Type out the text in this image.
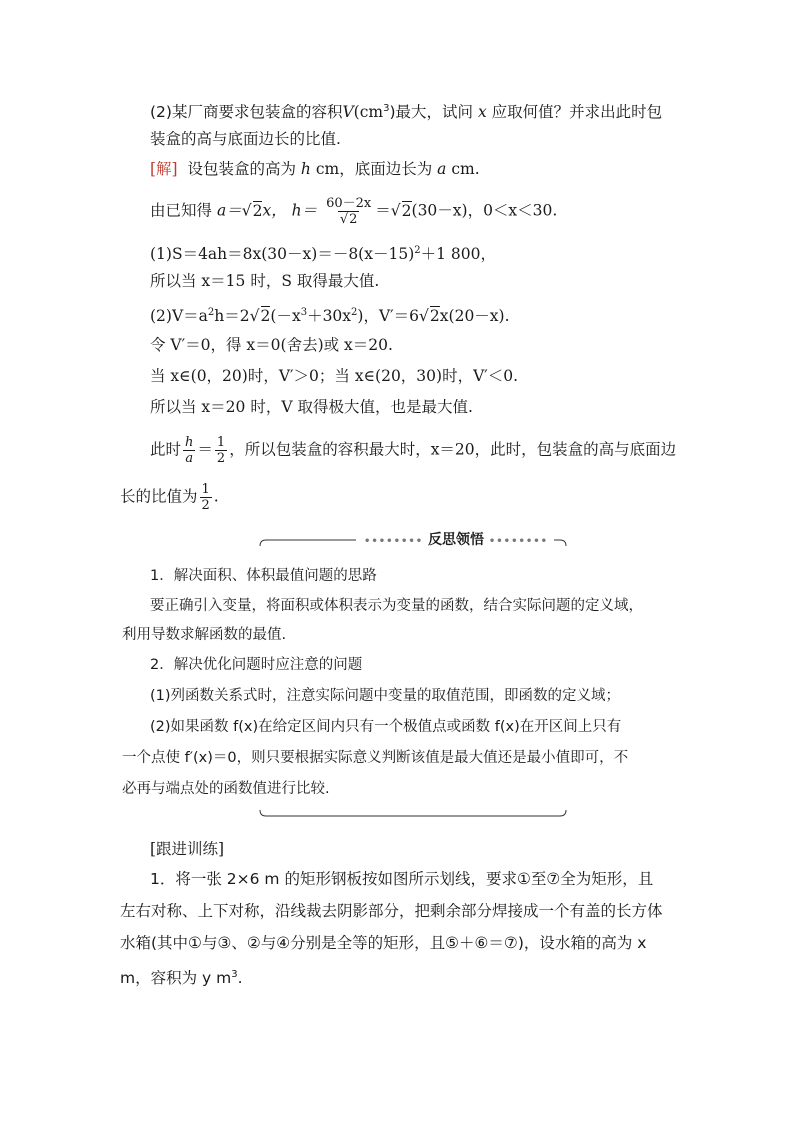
(2)某厂商要求包装盒的容积$V(cm^3)$最大，试问 x 应取何值？并求出此时包
装盒的高与底面边长的比值.
[解] 设包装盒的高为 h cm，底面边长为 a cm.
由已知得 a＝√2x， $h= \frac{60-2x}{√2} =√2(30-x)$，0＜x＜30.
$(1)S=4ah=8x(30-x)=-8(x-15)^2+1$ 800，
所以当 x＝15 时，S 取得最大值.
$(2)V=a^2h=2√2(-x^3+30x^2)$，V′＝6√2x(20－x).
令 V′＝0，得 x＝0(舍去)或 x＝20.
当 x∈(0，20)时，V′＞0；当 x∈(20，30)时，V′＜0.
所以当 x＝20 时，V 取得极大值，也是最大值.
此时 $\frac{h}{a} = \frac{1}{2}$ ，所以包装盒的容积最大时，x＝20，此时，包装盒的高与底面边
长的比值为 $\frac{1}{2}$ .
•••••••• 反思领悟 ••••••••
1．解决面积、体积最值问题的思路
要正确引入变量，将面积或体积表示为变量的函数，结合实际问题的定义域，
利用导数求解函数的最值.
2．解决优化问题时应注意的问题
(1)列函数关系式时，注意实际问题中变量的取值范围，即函数的定义域；
(2)如果函数 f(x)在给定区间内只有一个极值点或函数 f(x)在开区间上只有
一个点使 f′(x)＝0，则只要根据实际意义判断该值是最大值还是最小值即可，不
必再与端点处的函数值进行比较.
[跟进训练]
1．将一张 2×6 m 的矩形钢板按如图所示划线，要求①至⑦全为矩形，且
左右对称、上下对称，沿线裁去阴影部分，把剩余部分焊接成一个有盖的长方体
水箱(其中①与③、②与④分别是全等的矩形，且⑤＋⑥＝⑦)，设水箱的高为 x
m，容积为 y $m^3$.
